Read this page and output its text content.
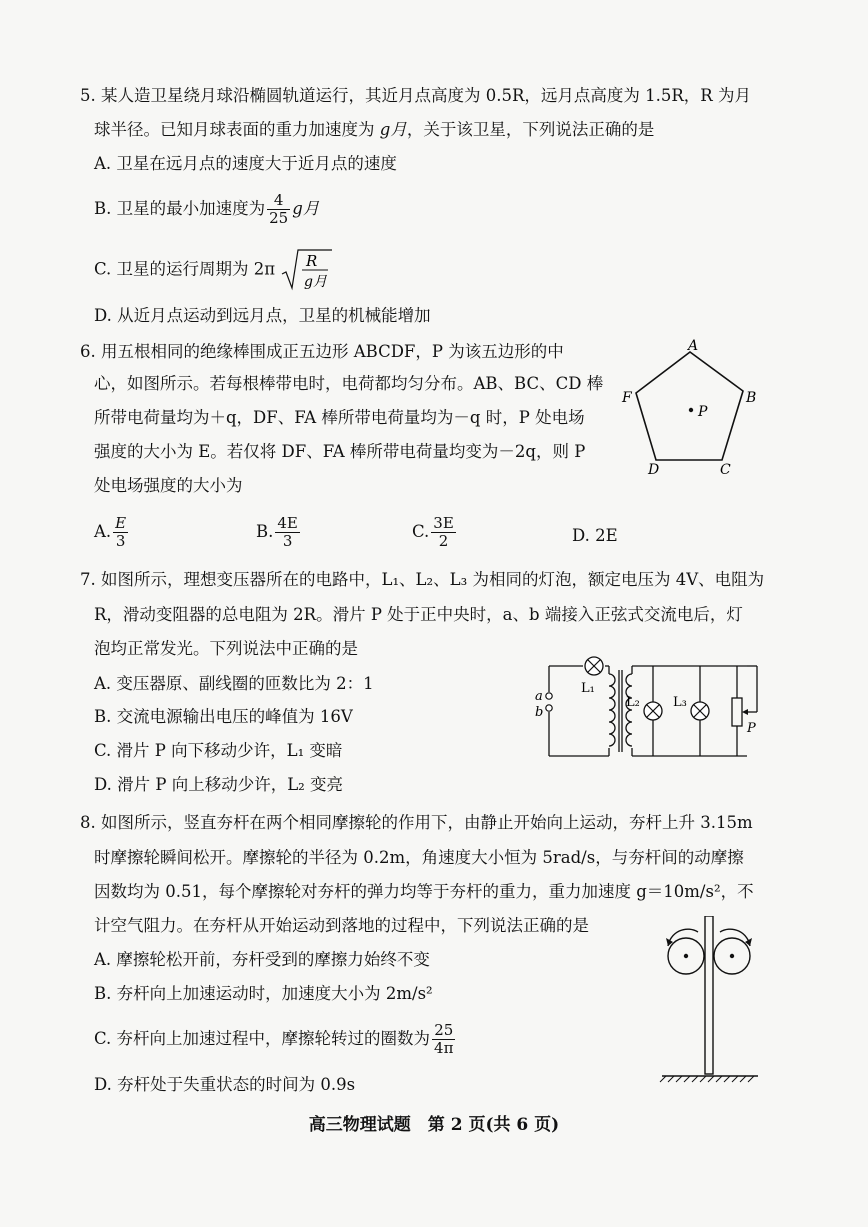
5. 某人造卫星绕月球沿椭圆轨道运行，其近月点高度为 0.5R，远月点高度为 1.5R，R 为月
球半径。已知月球表面的重力加速度为 g月，关于该卫星，下列说法正确的是
A. 卫星在远月点的速度大于近月点的速度
B. 卫星的最小加速度为 $\frac{4}{25}$ g月
C. 卫星的运行周期为 2π R
g月
D. 从近月点运动到远月点，卫星的机械能增加
6. 用五根相同的绝缘棒围成正五边形 ABCDF，P 为该五边形的中
心，如图所示。若每根棒带电时，电荷都均匀分布。AB、BC、CD 棒
所带电荷量均为＋q，DF、FA 棒所带电荷量均为－q 时，P 处电场
强度的大小为 E。若仅将 DF、FA 棒所带电荷量均变为－2q，则 P
处电场强度的大小为
A. $\frac{E}{3}$	B. $\frac{4E}{3}$	C. $\frac{3E}{2}$	D. 2E
A
B
C
D
F
P
7. 如图所示，理想变压器所在的电路中，L₁、L₂、L₃ 为相同的灯泡，额定电压为 4V、电阻为
R，滑动变阻器的总电阻为 2R。滑片 P 处于正中央时，a、b 端接入正弦式交流电后，灯
泡均正常发光。下列说法中正确的是
A. 变压器原、副线圈的匝数比为 2：1
B. 交流电源输出电压的峰值为 16V
C. 滑片 P 向下移动少许，L₁ 变暗
D. 滑片 P 向上移动少许，L₂ 变亮
a
b
L₁
L₂	L₃
P
8. 如图所示，竖直夯杆在两个相同摩擦轮的作用下，由静止开始向上运动，夯杆上升 3.15m
时摩擦轮瞬间松开。摩擦轮的半径为 0.2m，角速度大小恒为 5rad/s，与夯杆间的动摩擦
因数均为 0.51，每个摩擦轮对夯杆的弹力均等于夯杆的重力，重力加速度 g＝10m/s²，不
计空气阻力。在夯杆从开始运动到落地的过程中，下列说法正确的是
A. 摩擦轮松开前，夯杆受到的摩擦力始终不变
B. 夯杆向上加速运动时，加速度大小为 2m/s²
C. 夯杆向上加速过程中，摩擦轮转过的圈数为 $\frac{25}{4\pi}$
D. 夯杆处于失重状态的时间为 0.9s
高三物理试题　第 2 页(共 6 页)
